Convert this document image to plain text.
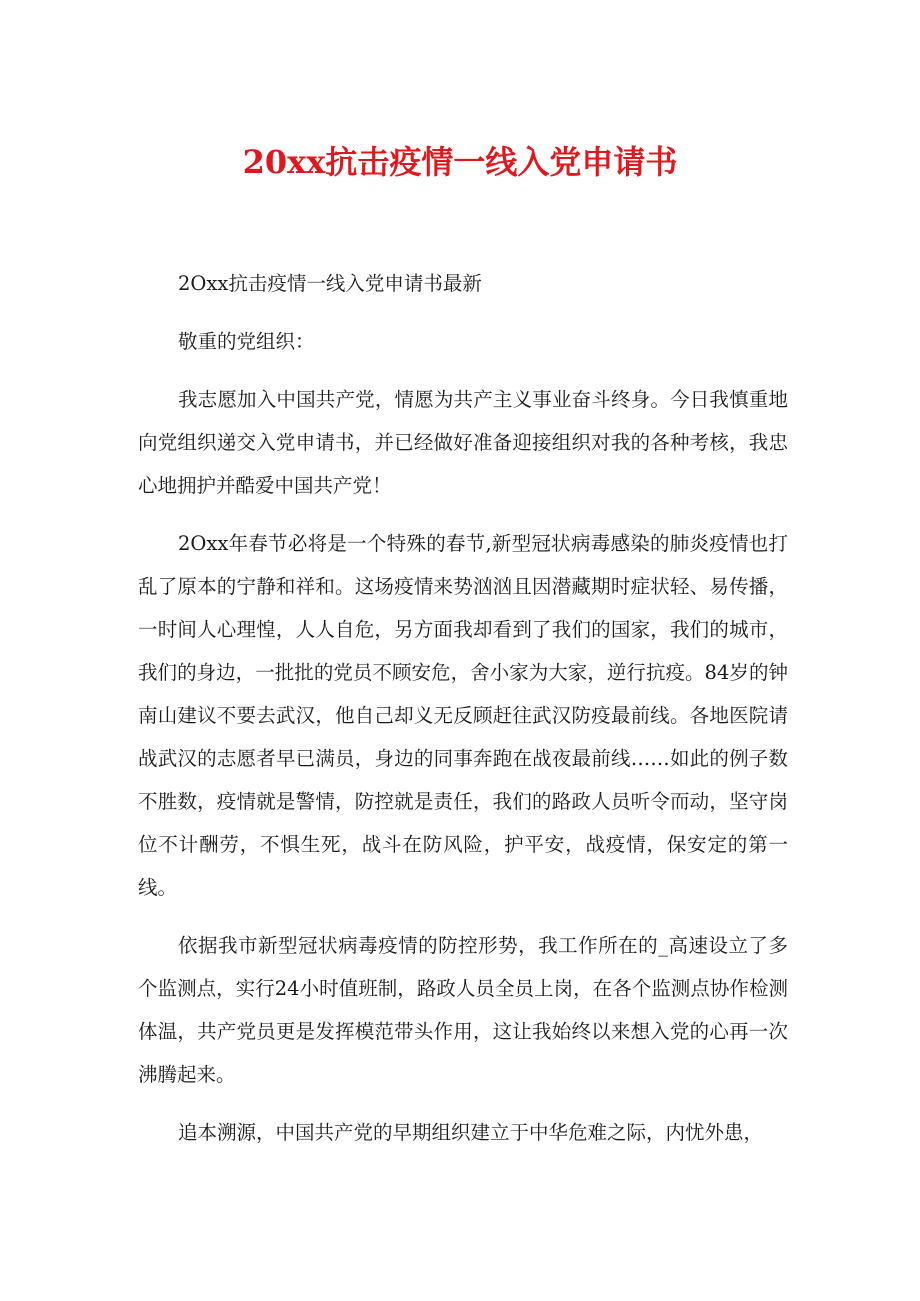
20xx抗击疫情一线入党申请书

2Oxx抗击疫情一线入党申请书最新

敬重的党组织：

我志愿加入中国共产党，情愿为共产主义事业奋斗终身。今日我慎重地向党组织递交入党申请书，并已经做好准备迎接组织对我的各种考核，我忠心地拥护并酷爱中国共产党！

2Oxx年春节必将是一个特殊的春节,新型冠状病毒感染的肺炎疫情也打乱了原本的宁静和祥和。这场疫情来势汹汹且因潜藏期时症状轻、易传播，一时间人心理惶，人人自危，另方面我却看到了我们的国家，我们的城市，我们的身边，一批批的党员不顾安危，舍小家为大家，逆行抗疫。84岁的钟南山建议不要去武汉，他自己却义无反顾赶往武汉防疫最前线。各地医院请战武汉的志愿者早已满员，身边的同事奔跑在战夜最前线……如此的例子数不胜数，疫情就是警情，防控就是责任，我们的路政人员听令而动，坚守岗位不计酬劳，不惧生死，战斗在防风险，护平安，战疫情，保安定的第一线。

依据我市新型冠状病毒疫情的防控形势，我工作所在的_高速设立了多个监测点，实行24小时值班制，路政人员全员上岗，在各个监测点协作检测体温，共产党员更是发挥模范带头作用，这让我始终以来想入党的心再一次沸腾起来。

追本溯源，中国共产党的早期组织建立于中华危难之际，内忧外患，
